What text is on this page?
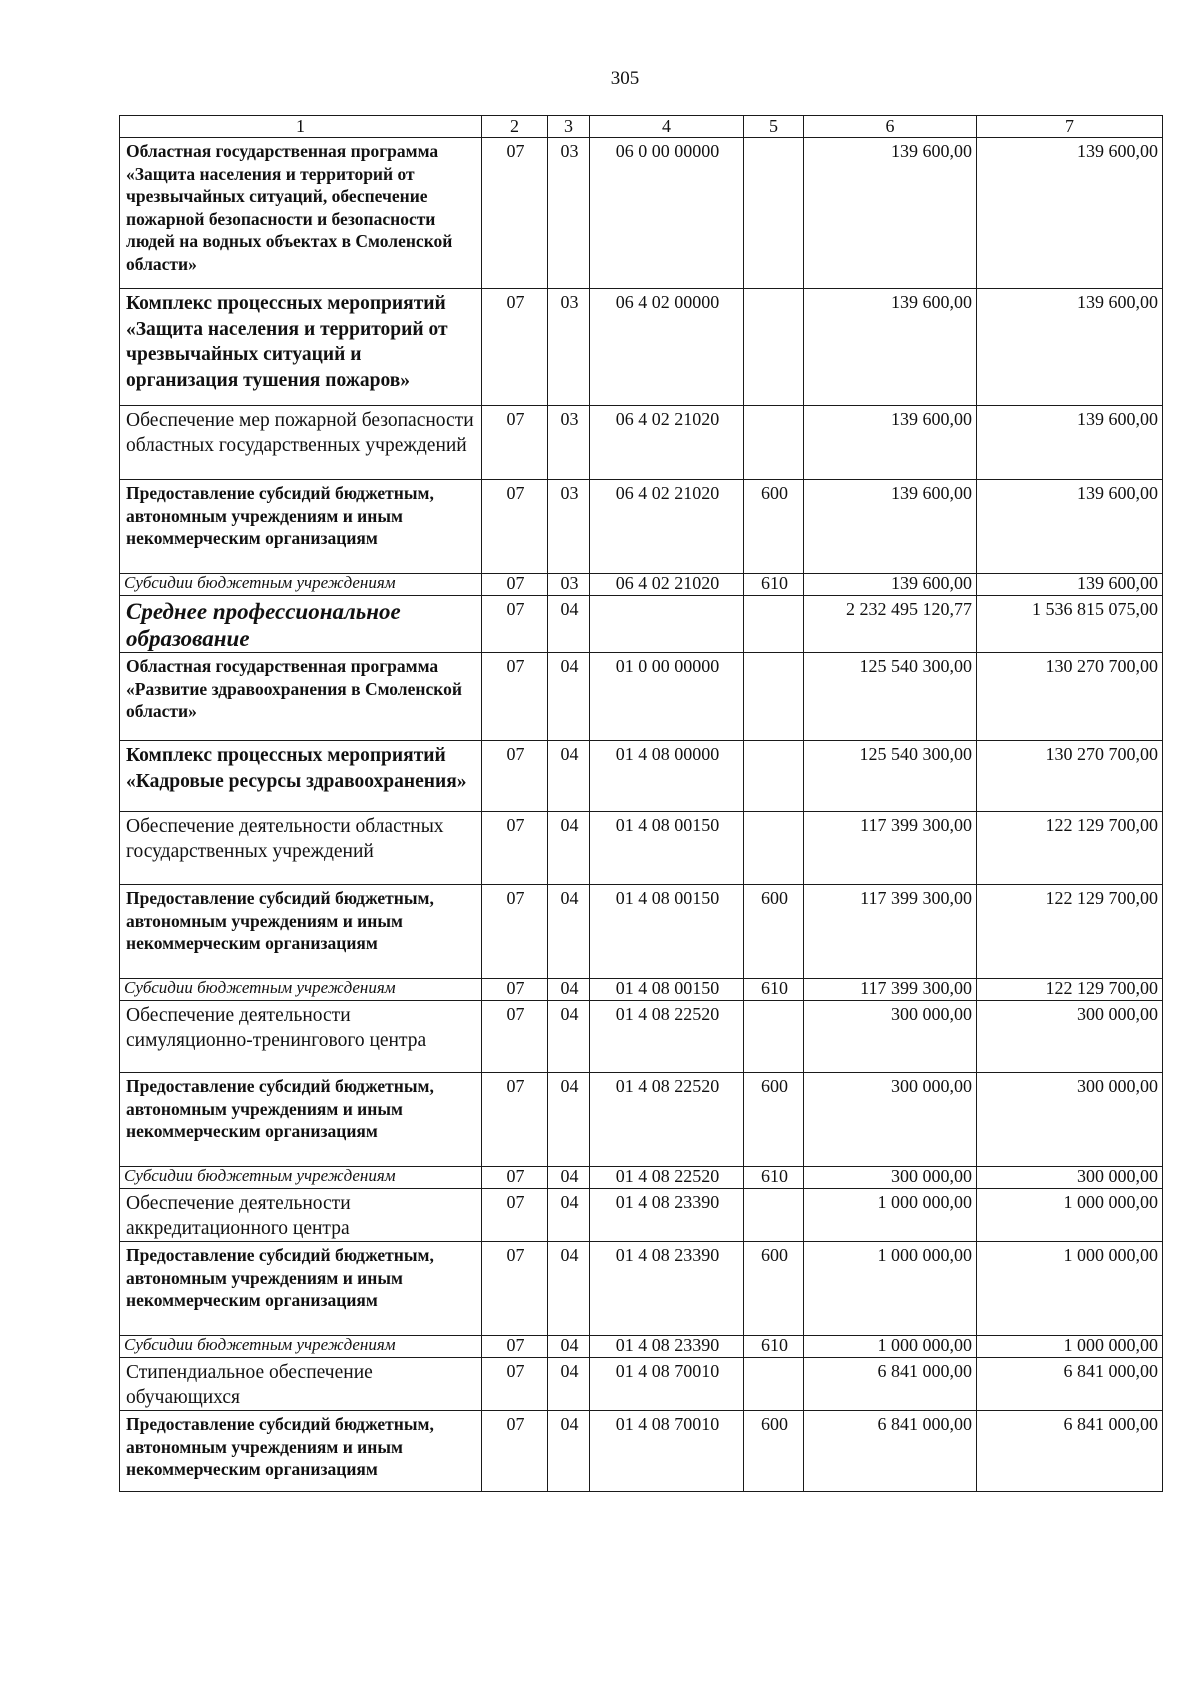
305
1	2	3	4	5	6	7
Областная государственная программа «Защита населения и территорий от чрезвычайных ситуаций, обеспечение пожарной безопасности и безопасности людей на водных объектах в Смоленской области»	07	03	06 0 00 00000		139 600,00	139 600,00
Комплекс процессных мероприятий «Защита населения и территорий от чрезвычайных ситуаций и организация тушения пожаров»	07	03	06 4 02 00000		139 600,00	139 600,00
Обеспечение мер пожарной безопасности областных государственных учреждений	07	03	06 4 02 21020		139 600,00	139 600,00
Предоставление субсидий бюджетным, автономным учреждениям и иным некоммерческим организациям	07	03	06 4 02 21020	600	139 600,00	139 600,00
Субсидии бюджетным учреждениям	07	03	06 4 02 21020	610	139 600,00	139 600,00
Среднее профессиональное образование	07	04			2 232 495 120,77	1 536 815 075,00
Областная государственная программа «Развитие здравоохранения в Смоленской области»	07	04	01 0 00 00000		125 540 300,00	130 270 700,00
Комплекс процессных мероприятий «Кадровые ресурсы здравоохранения»	07	04	01 4 08 00000		125 540 300,00	130 270 700,00
Обеспечение деятельности областных государственных учреждений	07	04	01 4 08 00150		117 399 300,00	122 129 700,00
Предоставление субсидий бюджетным, автономным учреждениям и иным некоммерческим организациям	07	04	01 4 08 00150	600	117 399 300,00	122 129 700,00
Субсидии бюджетным учреждениям	07	04	01 4 08 00150	610	117 399 300,00	122 129 700,00
Обеспечение деятельности симуляционно-тренингового центра	07	04	01 4 08 22520		300 000,00	300 000,00
Предоставление субсидий бюджетным, автономным учреждениям и иным некоммерческим организациям	07	04	01 4 08 22520	600	300 000,00	300 000,00
Субсидии бюджетным учреждениям	07	04	01 4 08 22520	610	300 000,00	300 000,00
Обеспечение деятельности аккредитационного центра	07	04	01 4 08 23390		1 000 000,00	1 000 000,00
Предоставление субсидий бюджетным, автономным учреждениям и иным некоммерческим организациям	07	04	01 4 08 23390	600	1 000 000,00	1 000 000,00
Субсидии бюджетным учреждениям	07	04	01 4 08 23390	610	1 000 000,00	1 000 000,00
Стипендиальное обеспечение обучающихся	07	04	01 4 08 70010		6 841 000,00	6 841 000,00
Предоставление субсидий бюджетным, автономным учреждениям и иным некоммерческим организациям	07	04	01 4 08 70010	600	6 841 000,00	6 841 000,00
